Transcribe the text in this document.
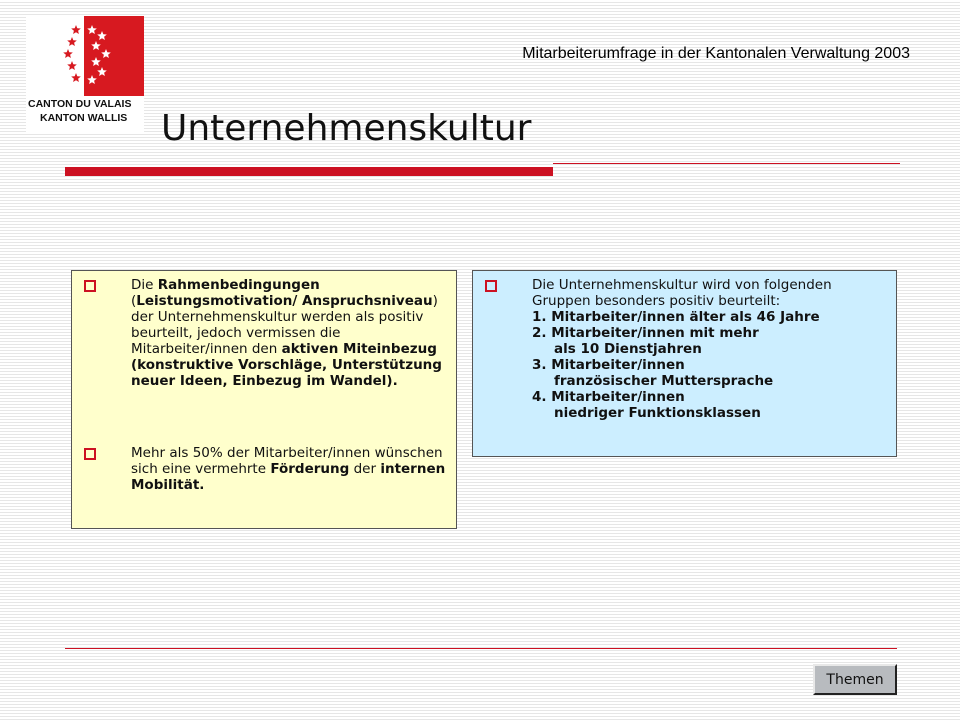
CANTON DU VALAIS
KANTON WALLIS
Mitarbeiterumfrage in der Kantonalen Verwaltung 2003
Unternehmenskultur
Die Rahmenbedingungen (Leistungsmotivation/ Anspruchsniveau) der Unternehmenskultur werden als positiv beurteilt, jedoch vermissen die Mitarbeiter/innen den aktiven Miteinbezug (konstruktive Vorschläge, Unterstützung neuer Ideen, Einbezug im Wandel).
Mehr als 50% der Mitarbeiter/innen wünschen sich eine vermehrte Förderung der internen Mobilität.
Die Unternehmenskultur wird von folgenden Gruppen besonders positiv beurteilt:
1. Mitarbeiter/innen älter als 46 Jahre
2. Mitarbeiter/innen mit mehr
als 10 Dienstjahren
3. Mitarbeiter/innen
französischer Muttersprache
4. Mitarbeiter/innen
niedriger Funktionsklassen
Themen
